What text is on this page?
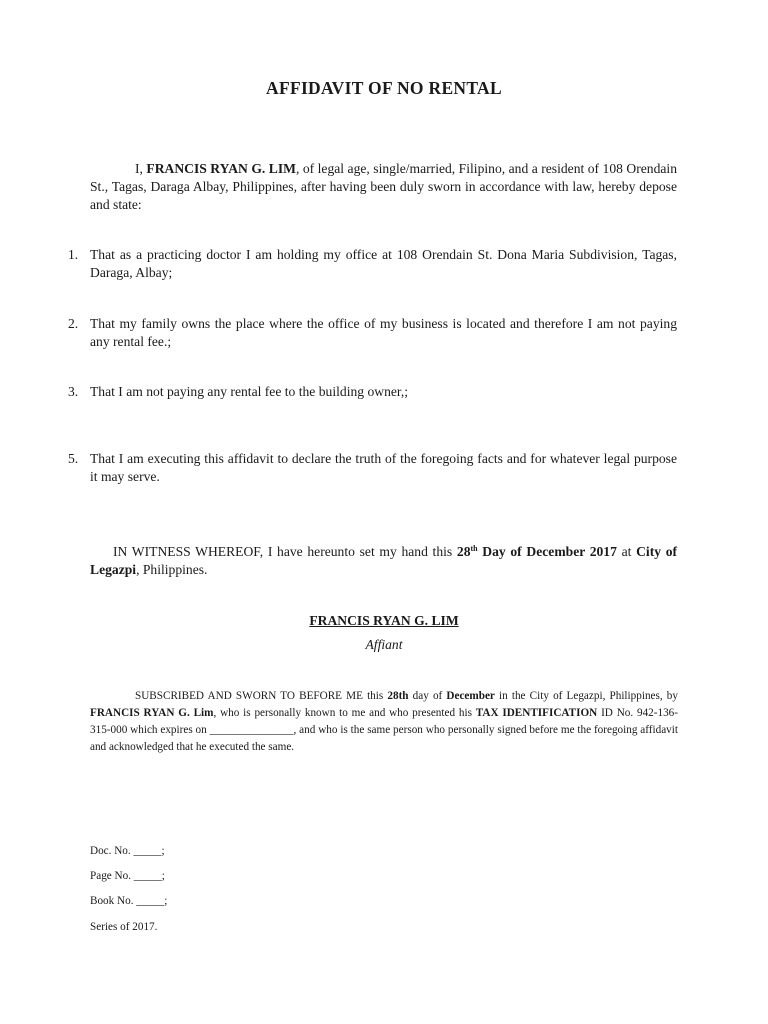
AFFIDAVIT OF NO RENTAL
I, FRANCIS RYAN G. LIM, of legal age, single/married, Filipino, and a resident of 108 Orendain St., Tagas, Daraga Albay, Philippines, after having been duly sworn in accordance with law, hereby depose and state:
1. That as a practicing doctor I am holding my office at 108 Orendain St. Dona Maria Subdivision, Tagas, Daraga, Albay;
2. That my family owns the place where the office of my business is located and therefore I am not paying any rental fee.;
3. That I am not paying any rental fee to the building owner,;
5. That I am executing this affidavit to declare the truth of the foregoing facts and for whatever legal purpose it may serve.
IN WITNESS WHEREOF, I have hereunto set my hand this 28th Day of December 2017 at City of Legazpi, Philippines.
FRANCIS RYAN G. LIM
Affiant
SUBSCRIBED AND SWORN TO BEFORE ME this 28th day of December in the City of Legazpi, Philippines, by FRANCIS RYAN G. Lim, who is personally known to me and who presented his TAX IDENTIFICATION ID No. 942-136-315-000 which expires on _______________, and who is the same person who personally signed before me the foregoing affidavit and acknowledged that he executed the same.
Doc. No. _____;
Page No. _____;
Book No. _____;
Series of 2017.
